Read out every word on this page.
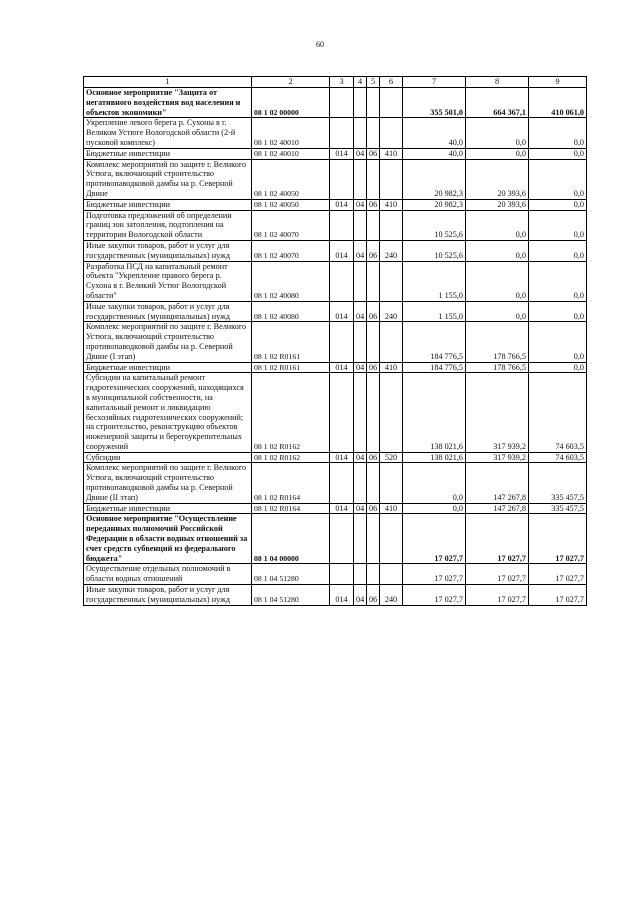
60
1	2	3	4	5	6	7	8	9
Основное мероприятие "Защита от негативного воздействия вод населения и объектов экономики"	08 1 02 00000					355 501,0	664 367,1	410 061,0
Укрепление левого берега р. Сухоны в г. Великом Устюге Вологодской области (2-й пусковой комплекс)	08 1 02 40010					40,0	0,0	0,0
Бюджетные инвестиции	08 1 02 40010	014	04	06	410	40,0	0,0	0,0
Комплекс мероприятий по защите г. Великого Устюга, включающий строительство противопаводковой дамбы на р. Северной Двине	08 1 02 40050					20 982,3	20 393,6	0,0
Бюджетные инвестиции	08 1 02 40050	014	04	06	410	20 982,3	20 393,6	0,0
Подготовка предложений об определении границ зон затопления, подтопления на территории Вологодской области	08 1 02 40070					10 525,6	0,0	0,0
Иные закупки товаров, работ и услуг для государственных (муниципальных) нужд	08 1 02 40070	014	04	06	240	10 525,6	0,0	0,0
Разработка ПСД на капитальный ремонт объекта "Укрепление правого берега р. Сухона в г. Великий Устюг Вологодской области"	08 1 02 40080					1 155,0	0,0	0,0
Иные закупки товаров, работ и услуг для государственных (муниципальных) нужд	08 1 02 40080	014	04	06	240	1 155,0	0,0	0,0
Комплекс мероприятий по защите г. Великого Устюга, включающий строительство противопаводковой дамбы на р. Северной Двине (I этап)	08 1 02 R0161					184 776,5	178 766,5	0,0
Бюджетные инвестиции	08 1 02 R0161	014	04	06	410	184 776,5	178 766,5	0,0
Субсидии на капитальный ремонт гидротехнических сооружений, находящихся в муниципальной собственности, на капитальный ремонт и ликвидацию бесхозяйных гидротехнических сооружений; на строительство, реконструкцию объектов инженерной защиты и берегоукрепительных сооружений	08 1 02 R0162					138 021,6	317 939,2	74 603,5
Субсидии	08 1 02 R0162	014	04	06	520	138 021,6	317 939,2	74 603,5
Комплекс мероприятий по защите г. Великого Устюга, включающий строительство противопаводковой дамбы на р. Северной Двине (II этап)	08 1 02 R0164					0,0	147 267,8	335 457,5
Бюджетные инвестиции	08 1 02 R0164	014	04	06	410	0,0	147 267,8	335 457,5
Основное мероприятие "Осуществление переданных полномочий Российской Федерации в области водных отношений за счет средств субвенций из федерального бюджета"	08 1 04 00000					17 027,7	17 027,7	17 027,7
Осуществление отдельных полномочий в области водных отношений	08 1 04 51280					17 027,7	17 027,7	17 027,7
Иные закупки товаров, работ и услуг для государственных (муниципальных) нужд	08 1 04 51280	014	04	06	240	17 027,7	17 027,7	17 027,7
